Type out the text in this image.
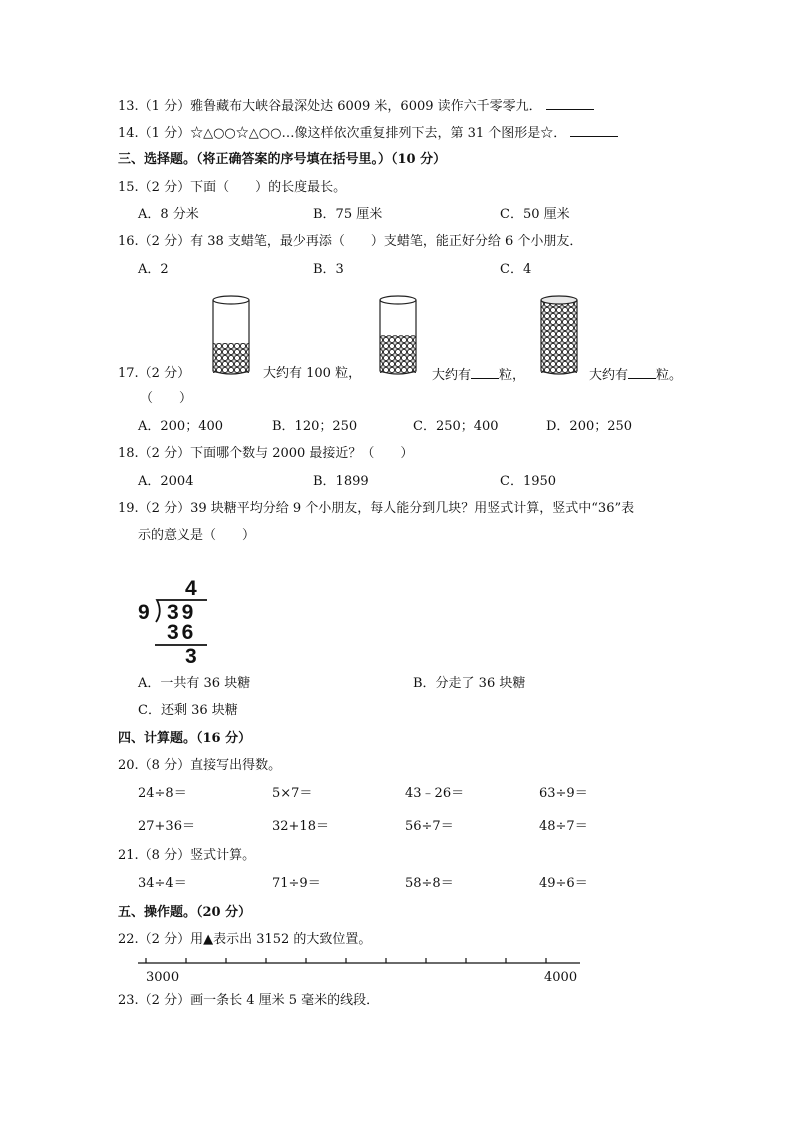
13.（1 分）雅鲁藏布大峡谷最深处达 6009 米，6009 读作六千零零九．
14.（1 分）☆△○○☆△○○…像这样依次重复排列下去，第 31 个图形是☆．
三、选择题。（将正确答案的序号填在括号里。）（10 分）
15.（2 分）下面（　　）的长度最长。
A．8 分米	B．75 厘米	C．50 厘米
16.（2 分）有 38 支蜡笔，最少再添（　　）支蜡笔，能正好分给 6 个小朋友．
A．2	B．3	C．4
17.（2 分）	大约有 100 粒，	大约有 粒，	大约有 粒。
（　　）
A．200；400	B．120；250	C．250；400	D．200；250
18.（2 分）下面哪个数与 2000 最接近？（　　）
A．2004	B．1899	C．1950
19.（2 分）39 块糖平均分给 9 个小朋友，每人能分到几块？用竖式计算，竖式中“36”表
示的意义是（　　）
4
9 39
36
3
A．一共有 36 块糖	B．分走了 36 块糖
C．还剩 36 块糖
四、计算题。（16 分）
20.（8 分）直接写出得数。
24÷8＝	5×7＝	43﹣26＝	63÷9＝
27+36＝	32+18＝	56÷7＝	48÷7＝
21.（8 分）竖式计算。
34÷4＝	71÷9＝	58÷8＝	49÷6＝
五、操作题。（20 分）
22.（2 分）用▲表示出 3152 的大致位置。
3000	4000
23.（2 分）画一条长 4 厘米 5 毫米的线段．
